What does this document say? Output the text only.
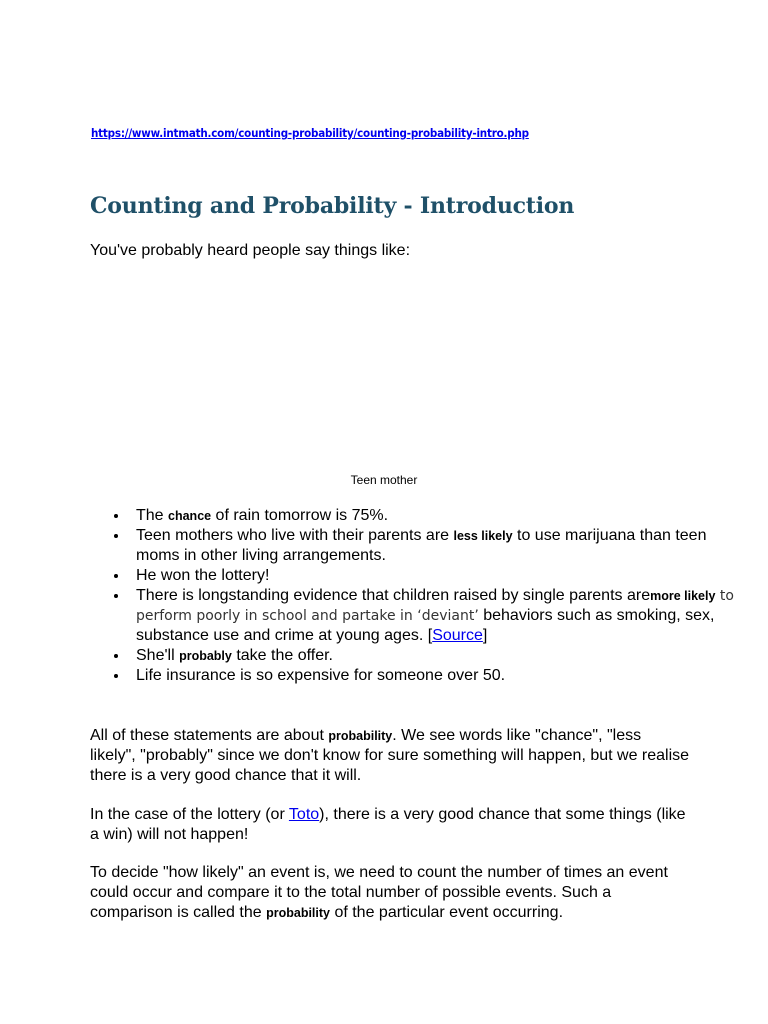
https://www.intmath.com/counting-probability/counting-probability-intro.php
Counting and Probability - Introduction

You've probably heard people say things like:

Teen mother

The chance of rain tomorrow is 75%.
Teen mothers who live with their parents are less likely to use marijuana than teen moms in other living arrangements.
He won the lottery!
There is longstanding evidence that children raised by single parents aremore likely to perform poorly in school and partake in ‘deviant’ behaviors such as smoking, sex, substance use and crime at young ages. [Source]
She'll probably take the offer.
Life insurance is so expensive for someone over 50.

All of these statements are about probability. We see words like "chance", "less likely", "probably" since we don't know for sure something will happen, but we realise there is a very good chance that it will.

In the case of the lottery (or Toto), there is a very good chance that some things (like a win) will not happen!

To decide "how likely" an event is, we need to count the number of times an event could occur and compare it to the total number of possible events. Such a comparison is called the probability of the particular event occurring.
